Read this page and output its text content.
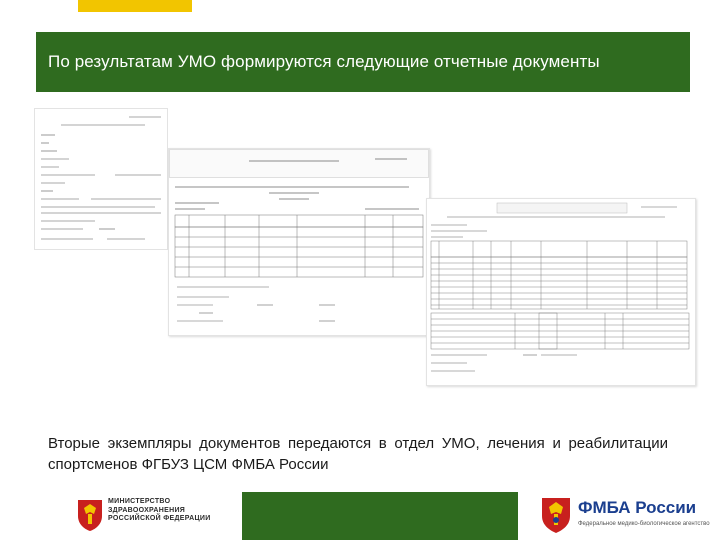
По результатам УМО формируются следующие отчетные документы
Вторые экземпляры документов передаются в отдел УМО, лечения и реабилитации спортсменов ФГБУЗ ЦСМ ФМБА России
МИНИСТЕРСТВО ЗДРАВООХРАНЕНИЯ РОССИЙСКОЙ ФЕДЕРАЦИИ
ФМБА России
Федеральное медико-биологическое агентство
